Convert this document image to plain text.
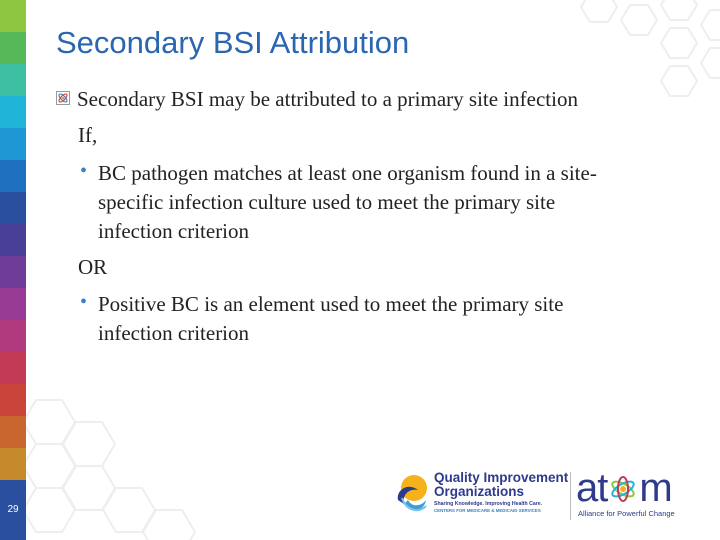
29
Secondary BSI Attribution
Secondary BSI may be attributed to a primary site infection
If,
• BC pathogen matches at least one organism found in a site-
specific infection culture used to meet the primary site
infection criterion
OR
• Positive BC is an element used to meet the primary site
infection criterion
Quality Improvement
Organizations
Sharing Knowledge. Improving Health Care.
CENTERS FOR MEDICARE & MEDICAID SERVICES
at m
Alliance for Powerful Change
